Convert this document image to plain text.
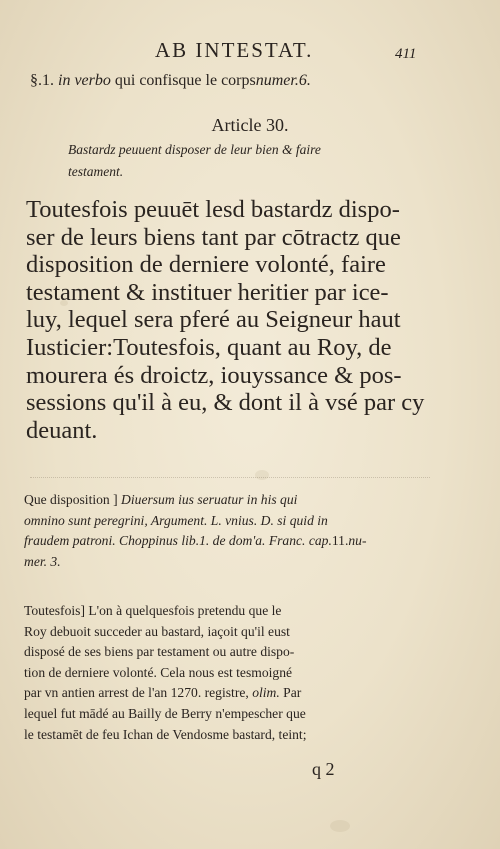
AB INTESTAT.	411
§.1. in verbo qui confisque le corpsnumer.6.
Article 30.
Bastardz peuuent disposer de leur bien & faire
testament.
Toutesfois peuuēt lesd bastardz dispo-
ser de leurs biens tant par cōtractz que
disposition de derniere volonté, faire
testament & instituer heritier par ice-
luy, lequel sera pferé au Seigneur haut
Iusticier:Toutesfois, quant au Roy, de
mourera és droictz, iouyssance & pos-
sessions qu'il à eu, & dont il à vsé par cy
deuant.
Que disposition ] Diuersum ius seruatur in his qui
omnino sunt peregrini, Argument. L. vnius. D. si quid in
fraudem patroni. Choppinus lib.1. de dom'a. Franc. cap.11.nu-
mer. 3.
Toutesfois] L'on à quelquesfois pretendu que le
Roy debuoit succeder au bastard, iaçoit qu'il eust
disposé de ses biens par testament ou autre dispo-
tion de derniere volonté. Cela nous est tesmoigné
par vn antien arrest de l'an 1270. registre, olim. Par
lequel fut mādé au Bailly de Berry n'empescher que
le testamēt de feu Ichan de Vendosme bastard, teint;
q 2
